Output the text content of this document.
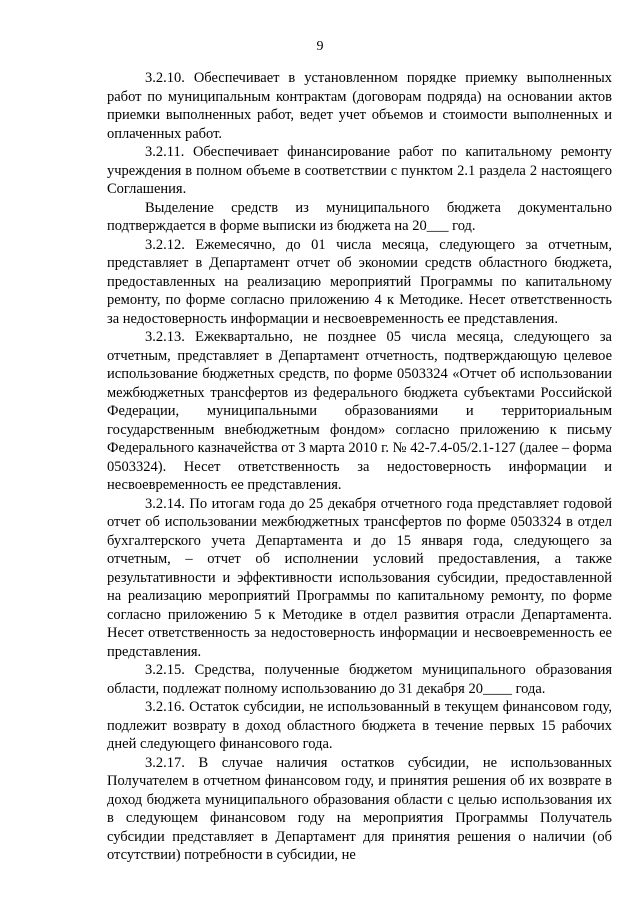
9

3.2.10. Обеспечивает в установленном порядке приемку выполненных работ по муниципальным контрактам (договорам подряда) на основании актов приемки выполненных работ, ведет учет объемов и стоимости выполненных и оплаченных работ.

3.2.11. Обеспечивает финансирование работ по капитальному ремонту учреждения в полном объеме в соответствии с пунктом 2.1 раздела 2 настоящего Соглашения.

Выделение средств из муниципального бюджета документально подтверждается в форме выписки из бюджета на 20___ год.

3.2.12. Ежемесячно, до 01 числа месяца, следующего за отчетным, представляет в Департамент отчет об экономии средств областного бюджета, предоставленных на реализацию мероприятий Программы по капитальному ремонту, по форме согласно приложению 4 к Методике. Несет ответственность за недостоверность информации и несвоевременность ее представления.

3.2.13. Ежеквартально, не позднее 05 числа месяца, следующего за отчетным, представляет в Департамент отчетность, подтверждающую целевое использование бюджетных средств, по форме 0503324 «Отчет об использовании межбюджетных трансфертов из федерального бюджета субъектами Российской Федерации, муниципальными образованиями и территориальным государственным внебюджетным фондом» согласно приложению к письму Федерального казначейства от 3 марта 2010 г. № 42-7.4-05/2.1-127 (далее – форма 0503324). Несет ответственность за недостоверность информации и несвоевременность ее представления.

3.2.14. По итогам года до 25 декабря отчетного года представляет годовой отчет об использовании межбюджетных трансфертов по форме 0503324 в отдел бухгалтерского учета Департамента и до 15 января года, следующего за отчетным, – отчет об исполнении условий предоставления, а также результативности и эффективности использования субсидии, предоставленной на реализацию мероприятий Программы по капитальному ремонту, по форме согласно приложению 5 к Методике в отдел развития отрасли Департамента. Несет ответственность за недостоверность информации и несвоевременность ее представления.

3.2.15. Средства, полученные бюджетом муниципального образования области, подлежат полному использованию до 31 декабря 20____ года.

3.2.16. Остаток субсидии, не использованный в текущем финансовом году, подлежит возврату в доход областного бюджета в течение первых 15 рабочих дней следующего финансового года.

3.2.17. В случае наличия остатков субсидии, не использованных Получателем в отчетном финансовом году, и принятия решения об их возврате в доход бюджета муниципального образования области с целью использования их в следующем финансовом году на мероприятия Программы Получатель субсидии представляет в Департамент для принятия решения о наличии (об отсутствии) потребности в субсидии, не
